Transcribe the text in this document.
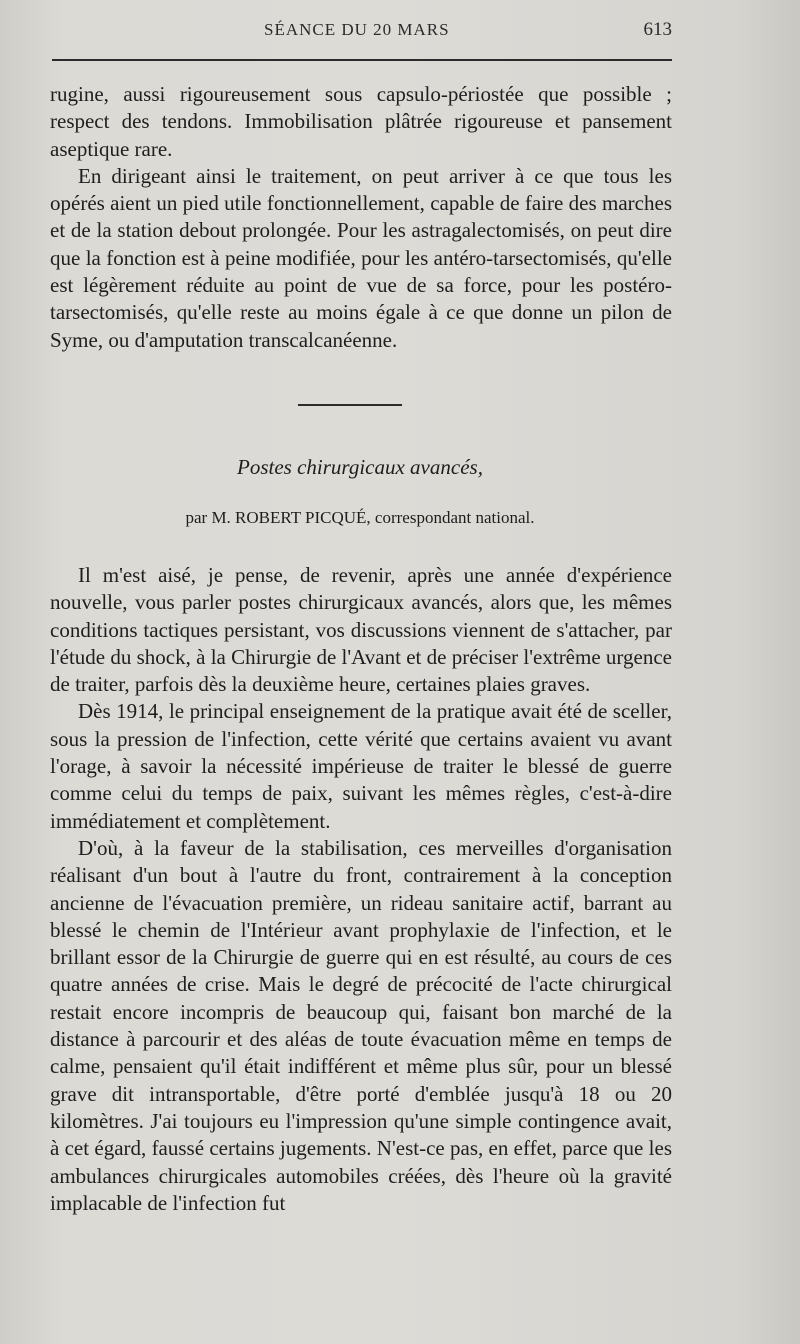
SÉANCE DU 20 MARS	613

rugine, aussi rigoureusement sous capsulo-périostée que possible ; respect des tendons. Immobilisation plâtrée rigoureuse et pansement aseptique rare.

En dirigeant ainsi le traitement, on peut arriver à ce que tous les opérés aient un pied utile fonctionnellement, capable de faire des marches et de la station debout prolongée. Pour les astragalectomisés, on peut dire que la fonction est à peine modifiée, pour les antéro-tarsectomisés, qu'elle est légèrement réduite au point de vue de sa force, pour les postéro-tarsectomisés, qu'elle reste au moins égale à ce que donne un pilon de Syme, ou d'amputation transcalcanéenne.

Postes chirurgicaux avancés,
par M. ROBERT PICQUÉ, correspondant national.

Il m'est aisé, je pense, de revenir, après une année d'expérience nouvelle, vous parler postes chirurgicaux avancés, alors que, les mêmes conditions tactiques persistant, vos discussions viennent de s'attacher, par l'étude du shock, à la Chirurgie de l'Avant et de préciser l'extrême urgence de traiter, parfois dès la deuxième heure, certaines plaies graves.

Dès 1914, le principal enseignement de la pratique avait été de sceller, sous la pression de l'infection, cette vérité que certains avaient vu avant l'orage, à savoir la nécessité impérieuse de traiter le blessé de guerre comme celui du temps de paix, suivant les mêmes règles, c'est-à-dire immédiatement et complètement.

D'où, à la faveur de la stabilisation, ces merveilles d'organisation réalisant d'un bout à l'autre du front, contrairement à la conception ancienne de l'évacuation première, un rideau sanitaire actif, barrant au blessé le chemin de l'Intérieur avant prophylaxie de l'infection, et le brillant essor de la Chirurgie de guerre qui en est résulté, au cours de ces quatre années de crise. Mais le degré de précocité de l'acte chirurgical restait encore incompris de beaucoup qui, faisant bon marché de la distance à parcourir et des aléas de toute évacuation même en temps de calme, pensaient qu'il était indifférent et même plus sûr, pour un blessé grave dit intransportable, d'être porté d'emblée jusqu'à 18 ou 20 kilomètres. J'ai toujours eu l'impression qu'une simple contingence avait, à cet égard, faussé certains jugements. N'est-ce pas, en effet, parce que les ambulances chirurgicales automobiles créées, dès l'heure où la gravité implacable de l'infection fut
